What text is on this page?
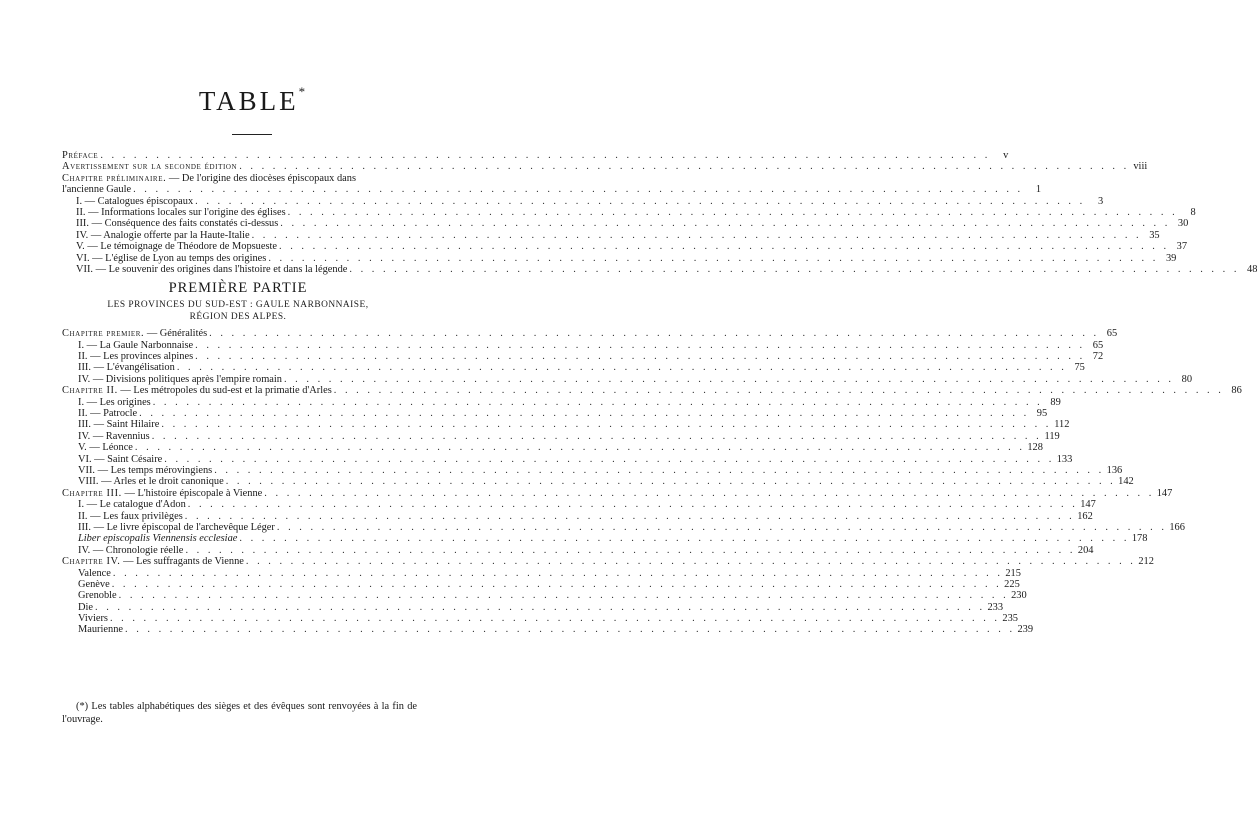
TABLE*
Préface . . . . . . . . . . . . . . . . . . . . . . . . . . . . . . . . . . . . . . . . . . . . . . . . . . . . . . . . . . . . . . . . . . . . . . . . . . . . . . . .	v
Avertissement sur la seconde édition . . . . . . . . . . . . . . . . . . . . . . . . . . . . . . . . . . . . . . . . . . . . . . . . . . . . . . . . . . . . . . . . . . . . . . . . . . . . . . . . viii
Chapitre préliminaire. — De l'origine des diocèses épiscopaux dans
l'ancienne Gaule . . . . . . . . . . . . . . . . . . . . . . . . . . . . . . . . . . . . . . . . . . . . . . . . . . . . . . . . . . . . . . . . . . . . . . . . . . . . . . . .	1
I. — Catalogues épiscopaux . . . . . . . . . . . . . . . . . . . . . . . . . . . . . . . . . . . . . . . . . . . . . . . . . . . . . . . . . . . . . . . . . . . . . . . . . . . . . . . .	3
II. — Informations locales sur l'origine des églises . . . . . . . . . . . . . . . . . . . . . . . . . . . . . . . . . . . . . . . . . . . . . . . . . . . . . . . . . . . . . . . . . . . . . . . . . . . . . . . .	8
III. — Conséquence des faits constatés ci-dessus . . . . . . . . . . . . . . . . . . . . . . . . . . . . . . . . . . . . . . . . . . . . . . . . . . . . . . . . . . . . . . . . . . . . . . . . . . . . . . . . 30
IV. — Analogie offerte par la Haute-Italie . . . . . . . . . . . . . . . . . . . . . . . . . . . . . . . . . . . . . . . . . . . . . . . . . . . . . . . . . . . . . . . . . . . . . . . . . . . . . . . . 35
V. — Le témoignage de Théodore de Mopsueste . . . . . . . . . . . . . . . . . . . . . . . . . . . . . . . . . . . . . . . . . . . . . . . . . . . . . . . . . . . . . . . . . . . . . . . . . . . . . . . . 37
VI. — L'église de Lyon au temps des origines . . . . . . . . . . . . . . . . . . . . . . . . . . . . . . . . . . . . . . . . . . . . . . . . . . . . . . . . . . . . . . . . . . . . . . . . . . . . . . . . 39
VII. — Le souvenir des origines dans l'histoire et dans la légende . . . . . . . . . . . . . . . . . . . . . . . . . . . . . . . . . . . . . . . . . . . . . . . . . . . . . . . . . . . . . . . . . . . . . . . . . . . . . . . . 48
PREMIÈRE PARTIE
LES PROVINCES DU SUD-EST : GAULE NARBONNAISE, RÉGION DES ALPES.
Chapitre premier. — Généralités . . . . . . . . . . . . . . . . . . . . . . . . . . . . . . . . . . . . . . . . . . . . . . . . . . . . . . . . . . . . . . . . . . . . . . . . . . . . . . . . 65
I. — La Gaule Narbonnaise . . . . . . . . . . . . . . . . . . . . . . . . . . . . . . . . . . . . . . . . . . . . . . . . . . . . . . . . . . . . . . . . . . . . . . . . . . . . . . . . 65
II. — Les provinces alpines . . . . . . . . . . . . . . . . . . . . . . . . . . . . . . . . . . . . . . . . . . . . . . . . . . . . . . . . . . . . . . . . . . . . . . . . . . . . . . . . 72
III. — L'évangélisation . . . . . . . . . . . . . . . . . . . . . . . . . . . . . . . . . . . . . . . . . . . . . . . . . . . . . . . . . . . . . . . . . . . . . . . . . . . . . . . . 75
IV. — Divisions politiques après l'empire romain . . . . . . . . . . . . . . . . . . . . . . . . . . . . . . . . . . . . . . . . . . . . . . . . . . . . . . . . . . . . . . . . . . . . . . . . . . . . . . . . 80
Chapitre II. — Les métropoles du sud-est et la primatie d'Arles . . . . . . . . . . . . . . . . . . . . . . . . . . . . . . . . . . . . . . . . . . . . . . . . . . . . . . . . . . . . . . . . . . . . . . . . . . . . . . . . 86
I. — Les origines . . . . . . . . . . . . . . . . . . . . . . . . . . . . . . . . . . . . . . . . . . . . . . . . . . . . . . . . . . . . . . . . . . . . . . . . . . . . . . . . 89
II. — Patrocle . . . . . . . . . . . . . . . . . . . . . . . . . . . . . . . . . . . . . . . . . . . . . . . . . . . . . . . . . . . . . . . . . . . . . . . . . . . . . . . . 95
III. — Saint Hilaire . . . . . . . . . . . . . . . . . . . . . . . . . . . . . . . . . . . . . . . . . . . . . . . . . . . . . . . . . . . . . . . . . . . . . . . . . . . . . . . . 112
IV. — Ravennius . . . . . . . . . . . . . . . . . . . . . . . . . . . . . . . . . . . . . . . . . . . . . . . . . . . . . . . . . . . . . . . . . . . . . . . . . . . . . . . . 119
V. — Léonce . . . . . . . . . . . . . . . . . . . . . . . . . . . . . . . . . . . . . . . . . . . . . . . . . . . . . . . . . . . . . . . . . . . . . . . . . . . . . . . . 128
VI. — Saint Césaire . . . . . . . . . . . . . . . . . . . . . . . . . . . . . . . . . . . . . . . . . . . . . . . . . . . . . . . . . . . . . . . . . . . . . . . . . . . . . . . . 133
VII. — Les temps mérovingiens . . . . . . . . . . . . . . . . . . . . . . . . . . . . . . . . . . . . . . . . . . . . . . . . . . . . . . . . . . . . . . . . . . . . . . . . . . . . . . . . 136
VIII. — Arles et le droit canonique . . . . . . . . . . . . . . . . . . . . . . . . . . . . . . . . . . . . . . . . . . . . . . . . . . . . . . . . . . . . . . . . . . . . . . . . . . . . . . . . 142
Chapitre III. — L'histoire épiscopale à Vienne . . . . . . . . . . . . . . . . . . . . . . . . . . . . . . . . . . . . . . . . . . . . . . . . . . . . . . . . . . . . . . . . . . . . . . . . . . . . . . . . 147
I. — Le catalogue d'Adon . . . . . . . . . . . . . . . . . . . . . . . . . . . . . . . . . . . . . . . . . . . . . . . . . . . . . . . . . . . . . . . . . . . . . . . . . . . . . . . . 147
II. — Les faux privilèges . . . . . . . . . . . . . . . . . . . . . . . . . . . . . . . . . . . . . . . . . . . . . . . . . . . . . . . . . . . . . . . . . . . . . . . . . . . . . . . . 162
III. — Le livre épiscopal de l'archevêque Léger . . . . . . . . . . . . . . . . . . . . . . . . . . . . . . . . . . . . . . . . . . . . . . . . . . . . . . . . . . . . . . . . . . . . . . . . . . . . . . . . 166
Liber episcopalis Viennensis ecclesiae . . . . . . . . . . . . . . . . . . . . . . . . . . . . . . . . . . . . . . . . . . . . . . . . . . . . . . . . . . . . . . . . . . . . . . . . . . . . . . . . 178
IV. — Chronologie réelle . . . . . . . . . . . . . . . . . . . . . . . . . . . . . . . . . . . . . . . . . . . . . . . . . . . . . . . . . . . . . . . . . . . . . . . . . . . . . . . . 204
Chapitre IV. — Les suffragants de Vienne . . . . . . . . . . . . . . . . . . . . . . . . . . . . . . . . . . . . . . . . . . . . . . . . . . . . . . . . . . . . . . . . . . . . . . . . . . . . . . . . 212
Valence . . . . . . . . . . . . . . . . . . . . . . . . . . . . . . . . . . . . . . . . . . . . . . . . . . . . . . . . . . . . . . . . . . . . . . . . . . . . . . . . 215
Genève . . . . . . . . . . . . . . . . . . . . . . . . . . . . . . . . . . . . . . . . . . . . . . . . . . . . . . . . . . . . . . . . . . . . . . . . . . . . . . . . 225
Grenoble . . . . . . . . . . . . . . . . . . . . . . . . . . . . . . . . . . . . . . . . . . . . . . . . . . . . . . . . . . . . . . . . . . . . . . . . . . . . . . . . 230
Die . . . . . . . . . . . . . . . . . . . . . . . . . . . . . . . . . . . . . . . . . . . . . . . . . . . . . . . . . . . . . . . . . . . . . . . . . . . . . . . . 233
Viviers . . . . . . . . . . . . . . . . . . . . . . . . . . . . . . . . . . . . . . . . . . . . . . . . . . . . . . . . . . . . . . . . . . . . . . . . . . . . . . . . 235
Maurienne . . . . . . . . . . . . . . . . . . . . . . . . . . . . . . . . . . . . . . . . . . . . . . . . . . . . . . . . . . . . . . . . . . . . . . . . . . . . . . . . 239
(*) Les tables alphabétiques des sièges et des évêques sont renvoyées à la fin de l'ouvrage.
